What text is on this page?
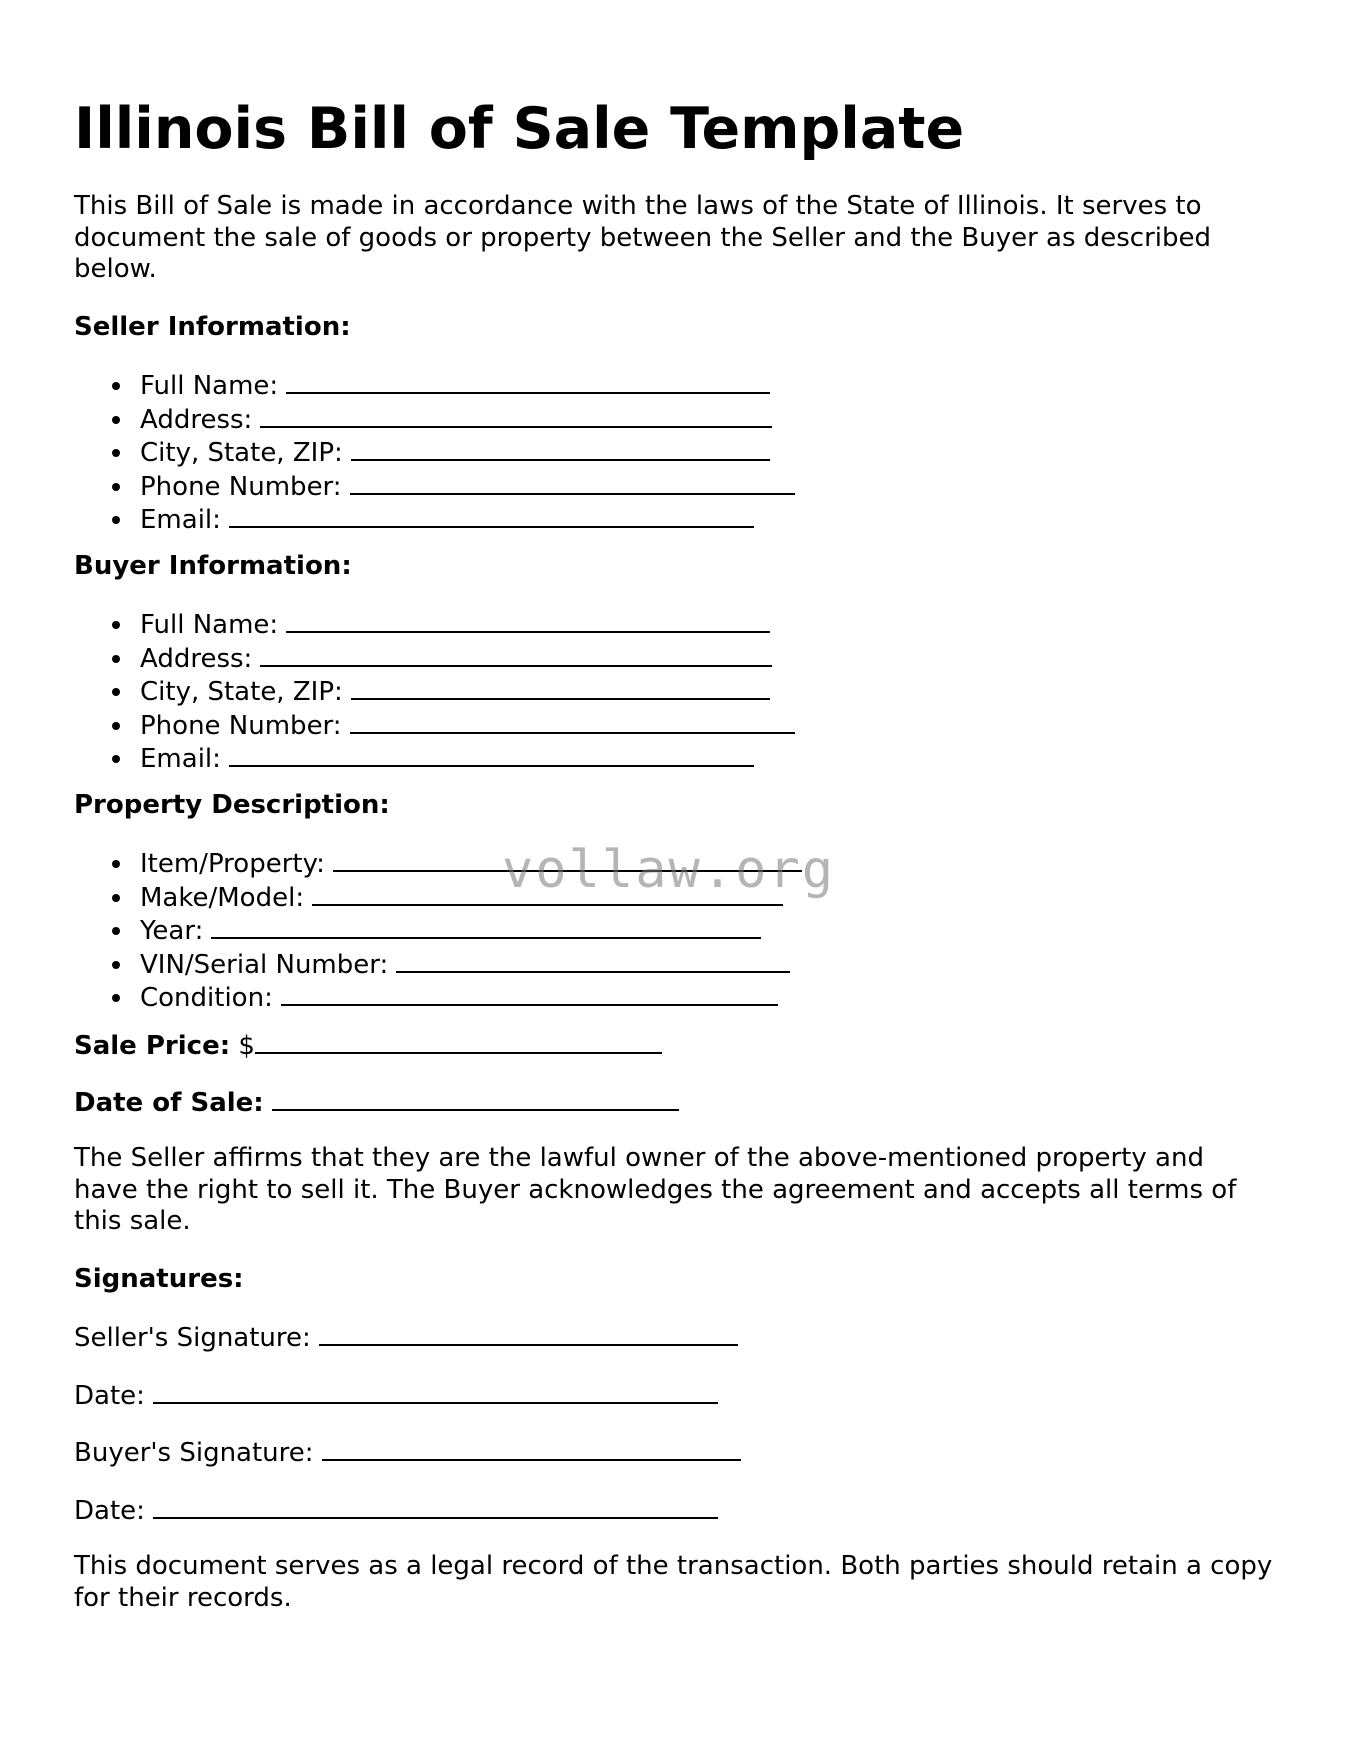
Illinois Bill of Sale Template

This Bill of Sale is made in accordance with the laws of the State of Illinois. It serves to document the sale of goods or property between the Seller and the Buyer as described below.

Seller Information:

Full Name:
Address:
City, State, ZIP:
Phone Number:
Email:

Buyer Information:

Full Name:
Address:
City, State, ZIP:
Phone Number:
Email:

Property Description:

Item/Property:
Make/Model:
Year:
VIN/Serial Number:
Condition:

Sale Price: $

Date of Sale:

The Seller affirms that they are the lawful owner of the above-mentioned property and have the right to sell it. The Buyer acknowledges the agreement and accepts all terms of this sale.

Signatures:

Seller's Signature:

Date:

Buyer's Signature:

Date:

This document serves as a legal record of the transaction. Both parties should retain a copy for their records.

vollaw.org
